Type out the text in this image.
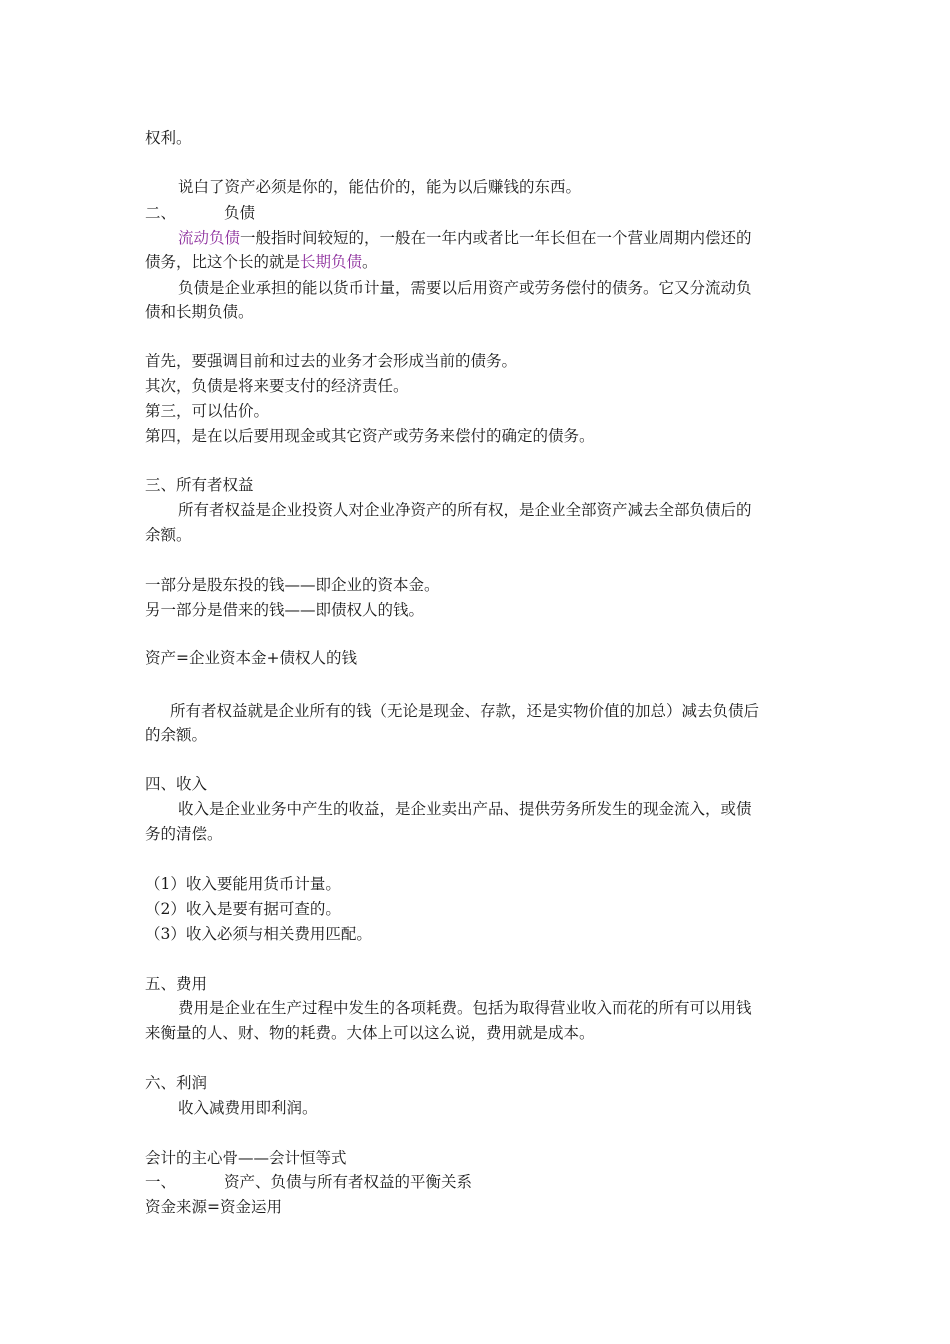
权利。
说白了资产必须是你的，能估价的，能为以后赚钱的东西。
二、	负债
流动负债一般指时间较短的，一般在一年内或者比一年长但在一个营业周期内偿还的
债务，比这个长的就是长期负债。
负债是企业承担的能以货币计量，需要以后用资产或劳务偿付的债务。它又分流动负
债和长期负债。
首先，要强调目前和过去的业务才会形成当前的债务。
其次，负债是将来要支付的经济责任。
第三，可以估价。
第四，是在以后要用现金或其它资产或劳务来偿付的确定的债务。
三、所有者权益
所有者权益是企业投资人对企业净资产的所有权，是企业全部资产减去全部负债后的
余额。
一部分是股东投的钱——即企业的资本金。
另一部分是借来的钱——即债权人的钱。
资产=企业资本金+债权人的钱
所有者权益就是企业所有的钱（无论是现金、存款，还是实物价值的加总）减去负债后
的余额。
四、收入
收入是企业业务中产生的收益，是企业卖出产品、提供劳务所发生的现金流入，或债
务的清偿。
（1）收入要能用货币计量。
（2）收入是要有据可查的。
（3）收入必须与相关费用匹配。
五、费用
费用是企业在生产过程中发生的各项耗费。包括为取得营业收入而花的所有可以用钱
来衡量的人、财、物的耗费。大体上可以这么说，费用就是成本。
六、利润
收入减费用即利润。
会计的主心骨——会计恒等式
一、	资产、负债与所有者权益的平衡关系
资金来源=资金运用
